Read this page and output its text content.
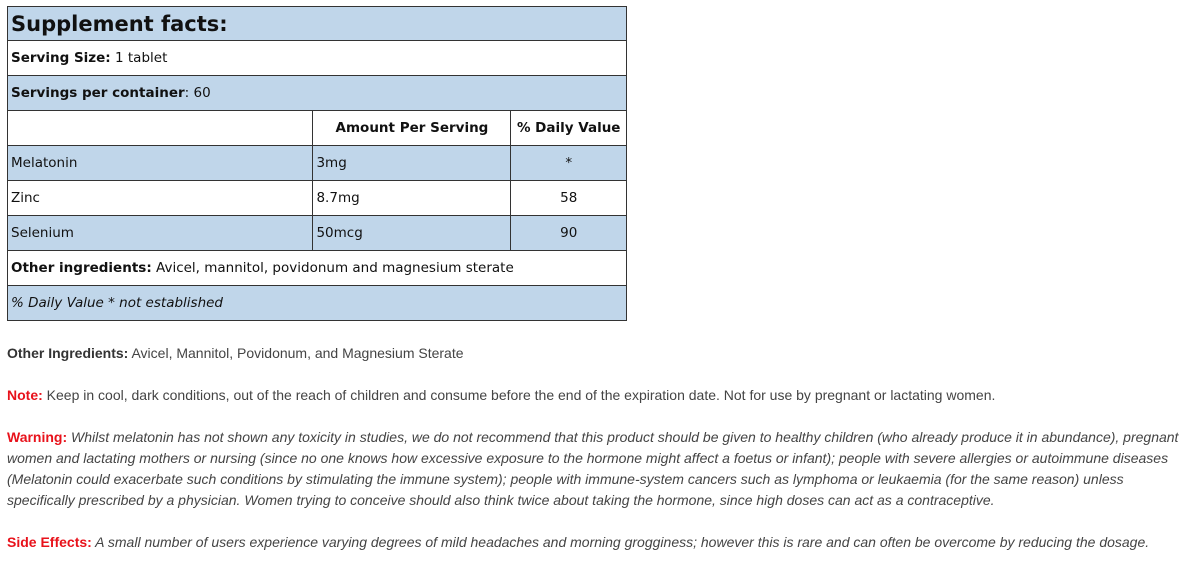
Supplement facts:		
Serving Size: 1 tablet		
Servings per container: 60		
	Amount Per Serving	% Daily Value
Melatonin	3mg	*
Zinc	8.7mg	58
Selenium	50mcg	90
Other ingredients: Avicel, mannitol, povidonum and magnesium sterate		
% Daily Value * not established		
Other Ingredients: Avicel, Mannitol, Povidonum, and Magnesium Sterate
Note: Keep in cool, dark conditions, out of the reach of children and consume before the end of the expiration date. Not for use by pregnant or lactating women.
Warning: Whilst melatonin has not shown any toxicity in studies, we do not recommend that this product should be given to healthy children (who already produce it in abundance), pregnant women and lactating mothers or nursing (since no one knows how excessive exposure to the hormone might affect a foetus or infant); people with severe allergies or autoimmune diseases (Melatonin could exacerbate such conditions by stimulating the immune system); people with immune-system cancers such as lymphoma or leukaemia (for the same reason) unless specifically prescribed by a physician. Women trying to conceive should also think twice about taking the hormone, since high doses can act as a contraceptive.
Side Effects: A small number of users experience varying degrees of mild headaches and morning grogginess; however this is rare and can often be overcome by reducing the dosage.
